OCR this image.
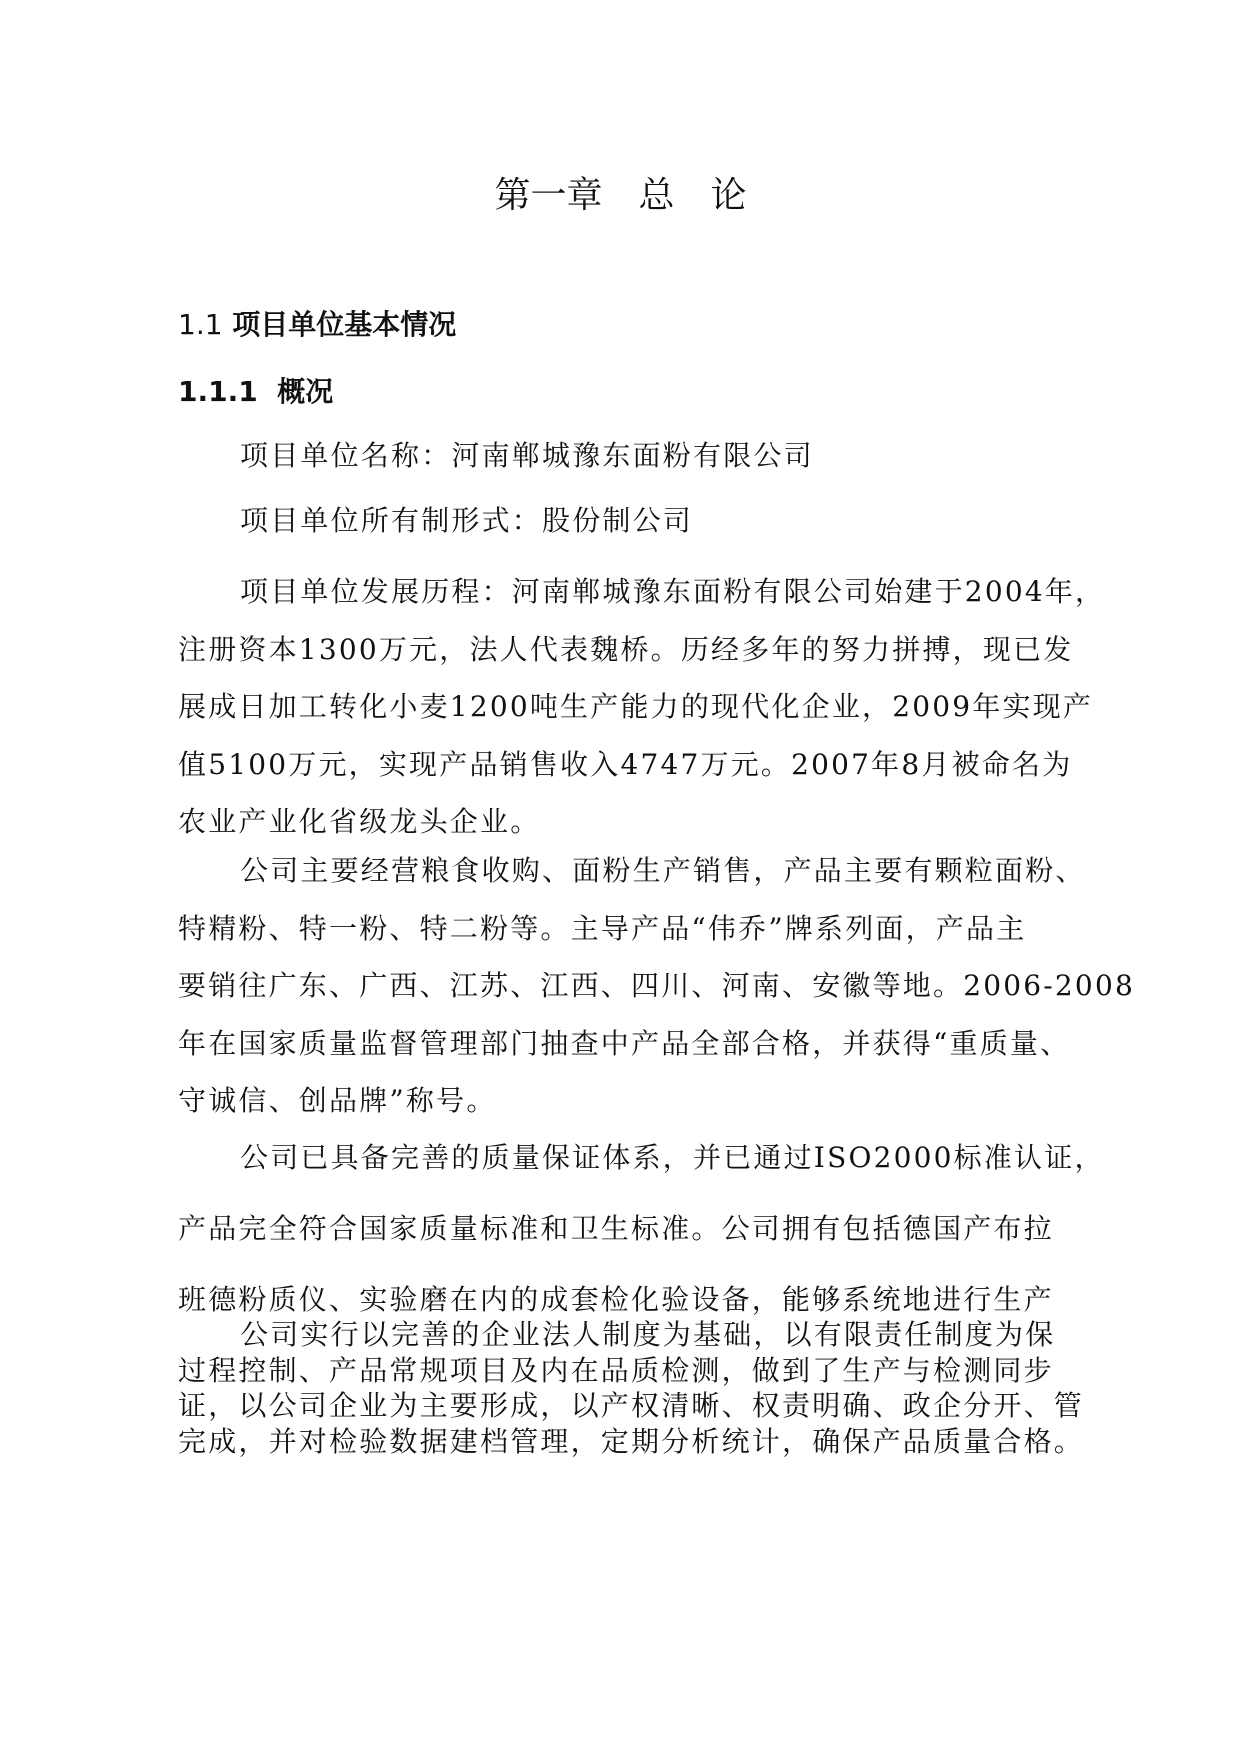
第一章　总　论
1.1 项目单位基本情况
1.1.1 概况

项目单位名称：河南郸城豫东面粉有限公司

项目单位所有制形式：股份制公司

项目单位发展历程：河南郸城豫东面粉有限公司始建于2004年，
注册资本1300万元，法人代表魏桥。历经多年的努力拼搏，现已发
展成日加工转化小麦1200吨生产能力的现代化企业，2009年实现产
值5100万元，实现产品销售收入4747万元。2007年8月被命名为
农业产业化省级龙头企业。

公司主要经营粮食收购、面粉生产销售，产品主要有颗粒面粉、
特精粉、特一粉、特二粉等。主导产品“伟乔”牌系列面，产品主
要销往广东、广西、江苏、江西、四川、河南、安徽等地。2006-2008
年在国家质量监督管理部门抽查中产品全部合格，并获得“重质量、
守诚信、创品牌”称号。

公司已具备完善的质量保证体系，并已通过ISO2000标准认证，
产品完全符合国家质量标准和卫生标准。公司拥有包括德国产布拉
班德粉质仪、实验磨在内的成套检化验设备，能够系统地进行生产
过程控制、产品常规项目及内在品质检测，做到了生产与检测同步
完成，并对检验数据建档管理，定期分析统计，确保产品质量合格。

公司实行以完善的企业法人制度为基础，以有限责任制度为保
证，以公司企业为主要形成，以产权清晰、权责明确、政企分开、管
